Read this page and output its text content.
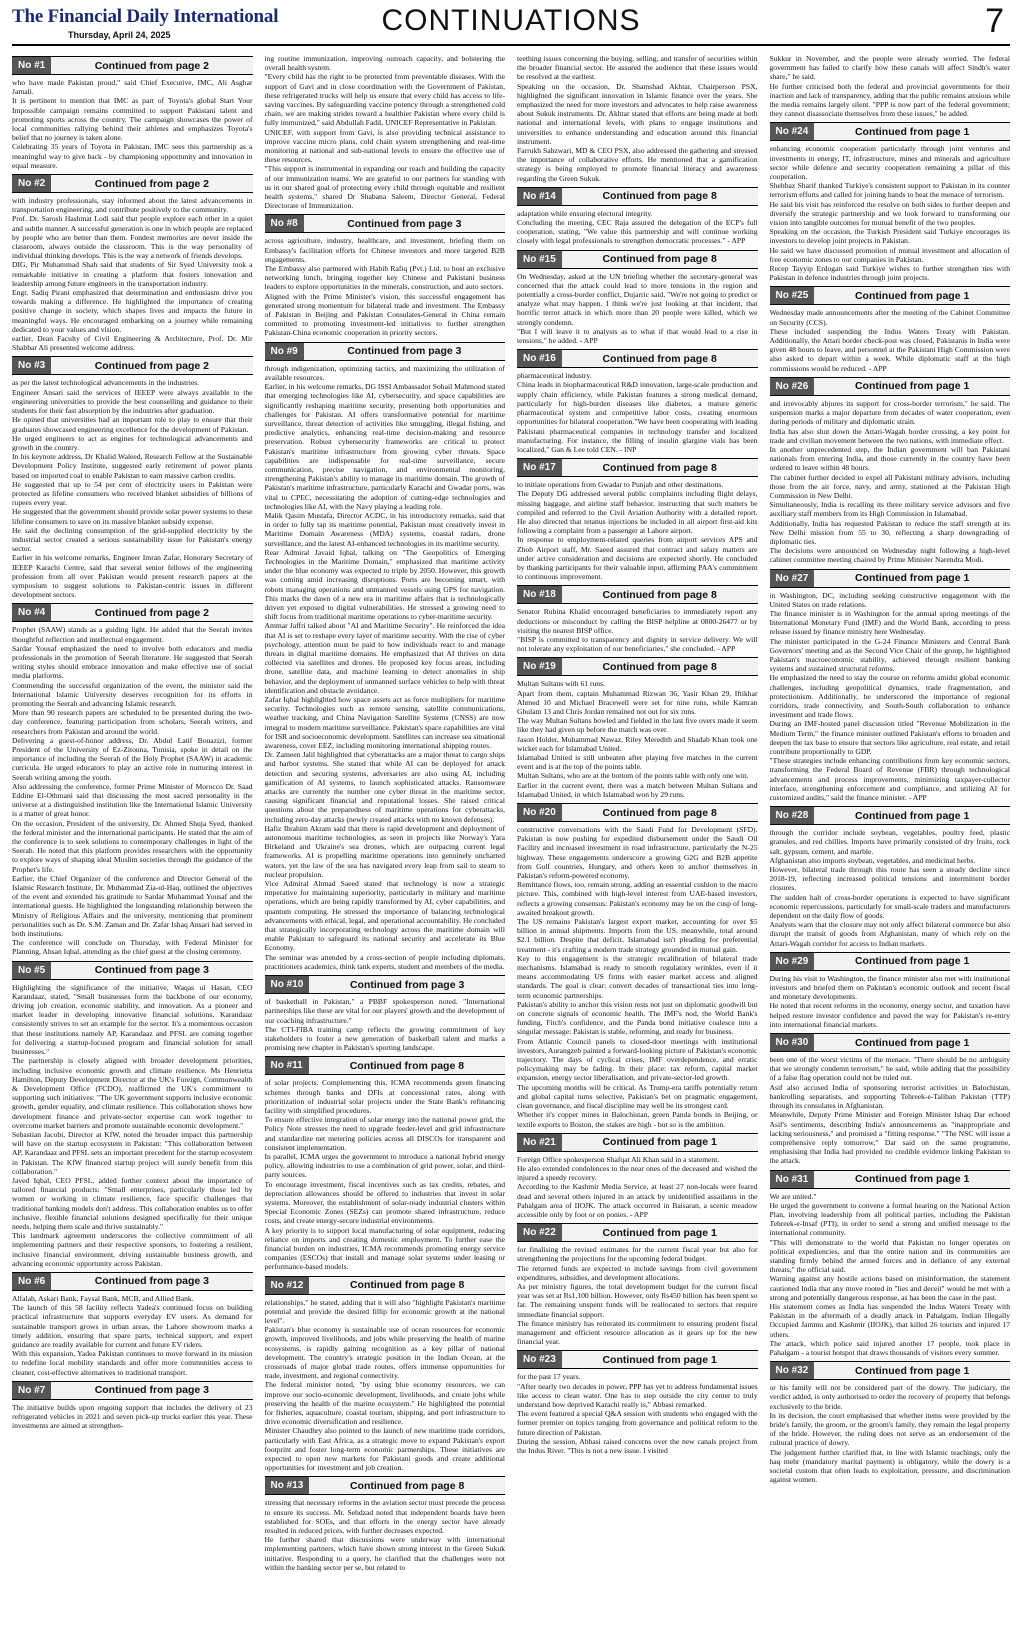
The Financial Daily International
Thursday, April 24, 2025	CONTINUATIONS	7
No #1	Continued from page 2

who have made Pakistan proud," said Chief Executive, IMC, Ali Asghar Jamali.
It is pertinent to mention that IMC as part of Toyota's global Start Your Impossible campaign remains committed to support Pakistani talent and promoting sports across the country. The campaign showcases the power of local communities rallying behind their athletes and emphasizes Toyota's belief that no journey is taken alone.
Celebrating 35 years of Toyota in Pakistan, IMC sees this partnership as a meaningful way to give back - by championing opportunity and innovation in equal measure.

No #2	Continued from page 2

with industry professionals, stay informed about the latest advancements in transportation engineering, and contribute positively to the community.
Prof. Dr. Sarosh Hashmat Lodi said that people explore each other in a quiet and subtle manner. A successful generation is one in which people are replaced by people who are better than them. Fondest memories are never inside the classroom, always outside the classroom. This is the way personality of individual thinking develops. This is the way a network of friends develops.
DIG, Pir Muhammad Shah said that students of Sir Syed University took a remarkable initiative in creating a platform that fosters innovation and leadership among future engineers in the transportation industry.
Engr. Sadiq Pirani emphasized that determination and enthusiasm drive you towards making a difference. He highlighted the importance of creating positive change in society, which shapes lives and impacts the future in meaningful ways. He encouraged embarking on a journey while remaining dedicated to your values and vision.
earlier, Dean Faculty of Civil Engineering & Architecture, Prof. Dr. Mir Shabbar Ali presented welcome address.

No #3	Continued from page 2

as per the latest technological advancements in the industries.
Engineer Ansari said the services of IEEEP were always available to the engineering universities to provide the best counselling and guidance to their students for their fast absorption by the industries after graduation.
He opined that universities had an important role to play to ensure that their graduates showcased engineering excellence for the development of Pakistan.
He urged engineers to act as engines for technological advancements and growth in the country.
In his keynote address, Dr Khalid Waleed, Research Fellow at the Sustainable Development Policy Institute, suggested early retirement of power plants based on imported coal to enable Pakistan to earn massive carbon credits.
He suggested that up to 54 per cent of electricity users in Pakistan were protected as lifeline consumers who received blanket subsidies of billions of rupees every year.
He suggested that the government should provide solar power systems to these lifeline consumers to save on its massive blanket subsidy expense.
He said the declining consumption of the grid-supplied electricity by the industrial sector created a serious sustainability issue for Pakistan's energy sector.
Earlier in his welcome remarks, Engineer Imran Zafar, Honorary Secretary of IEEEP Karachi Centre, said that several senior fellows of the engineering profession from all over Pakistan would present research papers at the symposium to suggest solutions to Pakistan-centric issues in different development sectors.

No #4	Continued from page 2

Prophet (SAAW) stands as a guiding light. He added that the Seerah invites thoughtful reflection and intellectual engagement.
Sardar Yousaf emphasized the need to involve both educators and media professionals in the promotion of Seerah literature. He suggested that Seerah writing styles should embrace innovation and make effective use of social media platforms.
Commending the successful organization of the event, the minister said the International Islamic University deserves recognition for its efforts in promoting the Seerah and advancing Islamic research.
More than 90 research papers are scheduled to be presented during the two-day conference, featuring participation from scholars, Seerah writers, and researchers from Pakistan and around the world.
Delivering a guest-of-honor address, Dr. Abdul Latif Bouazizi, former President of the University of Ez-Zitouna, Tunisia, spoke in detail on the importance of including the Seerah of the Holy Prophet (SAAW) in academic curricula. He urged educators to play an active role in nurturing interest in Seerah writing among the youth.
Also addressing the conference, former Prime Minister of Morocco Dr. Saad Eddine El-Othmani said that discussing the most sacred personality in the universe at a distinguished institution like the International Islamic University is a matter of great honor.
On the occasion, President of the university, Dr. Ahmed Shuja Syed, thanked the federal minister and the international participants. He stated that the aim of the conference is to seek solutions to contemporary challenges in light of the Seerah. He noted that this platform provides researchers with the opportunity to explore ways of shaping ideal Muslim societies through the guidance of the Prophet's life.
Earlier, the Chief Organizer of the conference and Director General of the Islamic Research Institute, Dr. Muhammad Zia-ul-Haq, outlined the objectives of the event and extended his gratitude to Sardar Muhammad Yousaf and the international guests. He highlighted the longstanding relationship between the Ministry of Religious Affairs and the university, mentioning that prominent personalities such as Dr. S.M. Zaman and Dr. Zafar Ishaq Ansari had served in both institutions.
The conference will conclude on Thursday, with Federal Minister for Planning, Ahsan Iqbal, attending as the chief guest at the closing ceremony.

No #5	Continued from page 3

Highlighting the significance of the initiative, Waqas ul Hasan, CEO Karandaaz, stated, "Small businesses form the backbone of our economy, driving job creation, economic stability, and innovation. As a pioneer and market leader in developing innovative financial solutions, Karandaaz consistently strives to set an example for the sector. It's a momentous occasion that these institutions namely AP, Karandaaz and PFSL are coming together for delivering a startup-focused program and financial solution for small businesses."
The partnership is closely aligned with broader development priorities, including inclusive economic growth and climate resilience. Ms Henrietta Hamilton, Deputy Development Director at the UK's Foreign, Commonwealth & Development Office (FCDO), reaffirmed the UK's commitment to supporting such initiatives: "The UK government supports inclusive economic growth, gender equality, and climate resilience. This collaboration shows how development finance and private-sector expertise can work together to overcome market barriers and promote sustainable economic development."
Sebastian Jacobi, Director at KfW, noted the broader impact this partnership will have on the startup ecosystem in Pakistan: "This collaboration between AP, Karandaaz and PFSL sets an important precedent for the startup ecosystem in Pakistan. The KfW financed startup project will surely benefit from this collaboration."
Javed Iqbal, CEO PFSL, added further context about the importance of tailored financial products: "Small enterprises, particularly those led by women or working in climate resilience, face specific challenges that traditional banking models don't address. This collaboration enables us to offer inclusive, flexible financial solutions designed specifically for their unique needs, helping them scale and thrive sustainably."
This landmark agreement underscores the collective commitment of all implementing partners and their respective sponsors, to fostering a resilient, inclusive financial environment, driving sustainable business growth, and advancing economic opportunity across Pakistan.

No #6	Continued from page 3

Alfalah, Askari Bank, Faysal Bank, MCB, and Allied Bank.
The launch of this 58 facility reflects Yadea's continued focus on building practical infrastructure that supports everyday EV users. As demand for sustainable transport grows in urban areas, the Lahore showroom marks a timely addition, ensuring that spare parts, technical support, and expert guidance are readily available for current and future EV riders.
With this expansion, Yadea Pakistan continues to move forward in its mission to redefine local mobility standards and offer more communities access to cleaner, cost-effective alternatives to traditional transport.

No #7	Continued from page 3

The initiative builds upon ongoing support that includes the delivery of 23 refrigerated vehicles in 2021 and seven pick-up trucks earlier this year. These investments are aimed at strengthen-

ing routine immunization, improving outreach capacity, and bolstering the overall health system.
"Every child has the right to be protected from preventable diseases. With the support of Gavi and in close coordination with the Government of Pakistan, these refrigerated trucks will help us ensure that every child has access to life-saving vaccines. By safeguarding vaccine potency through a strengthened cold chain, we are making strides toward a healthier Pakistan where every child is fully immunized," said Abdullah Fadil, UNICEF Representative in Pakistan.
UNICEF, with support from Gavi, is also providing technical assistance to improve vaccine micro plans, cold chain system strengthening and real-time monitoring at national and sub-national levels to ensure the effective use of these resources.
"This support is instrumental in expanding our reach and building the capacity of our immunization teams. We are grateful to our partners for standing with us in our shared goal of protecting every child through equitable and resilient health systems," shared Dr Shabana Saleem, Director General, Federal Directorate of Immunization.

No #8	Continued from page 3

across agriculture, industry, healthcare, and investment, briefing them on Embassy's facilitation efforts for Chinese investors and more targeted B2B engagements.
The Embassy also partnered with Habib Rafiq (Pvt.) Ltd. to host an exclusive networking lunch, bringing together key Chinese and Pakistani business leaders to explore opportunities in the minerals, construction, and auto sectors.
Aligned with the Prime Minister's vision, this successful engagement has generated strong momentum for bilateral trade and investment. The Embassy of Pakistan in Beijing and Pakistan Consulates-General in China remain committed to promoting investment-led initiatives to further strengthen Pakistan-China economic cooperation in priority sectors.

No #9	Continued from page 3

through indigenization, optimizing tactics, and maximizing the utilization of available resources.
Earlier, in his welcome remarks, DG ISSI Ambassador Sohail Mahmood stated that emerging technologies like AI, cybersecurity, and space capabilities are significantly reshaping maritime security, presenting both opportunities and challenges for Pakistan. AI offers transformative potential for maritime surveillance, threat detection of activities like smuggling, illegal fishing, and predictive analytics, enhancing real-time decision-making and resource preservation. Robust cybersecurity frameworks are critical to protect Pakistan's maritime infrastructure from growing cyber threats. Space capabilities are indispensable for real-time surveillance, secure communication, precise navigation, and environmental monitoring, strengthening Pakistan's ability to manage its maritime domain. The growth of Pakistan's maritime infrastructure, particularly Karachi and Gwadar ports, was vital to CPEC, necessitating the adoption of cutting-edge technologies and technologies like AI, with the Navy playing a leading role.
Malik Qasim Mustafa, Director ACDC, in his introductory remarks, said that in order to fully tap its maritime potential, Pakistan must creatively invest in Maritime Domain Awareness (MDA) systems, coastal radars, drone surveillance, and the latest AI-enhanced technologies in its maritime security.
Rear Admiral Javaid Iqbal, talking on "The Geopolitics of Emerging Technologies in the Maritime Domain," emphasized that maritime activity under the blue economy was expected to triple by 2050. However, this growth was coming amid increasing disruptions. Ports are becoming smart, with robots managing operations and unmanned vessels using GPS for navigation. This marks the dawn of a new era in maritime affairs that is technologically driven yet exposed to digital vulnerabilities. He stressed a growing need to shift focus from traditional maritime operations to cyber-maritime security.
Ammar Jaffri talked about "AI and Maritime Security". He reinforced the idea that AI is set to reshape every layer of maritime security. With the rise of cyber psychology, attention must be paid to how individuals react to and manage threats in digital maritime domains. He emphasized that AI thrives on data collected via satellites and drones. He proposed key focus areas, including drone, satellite data, and machine learning to detect anomalies in ship behavior, and the deployment of unmanned surface vehicles to help with threat identification and obstacle avoidance.
Zafar Iqbal highlighted how space assets act as force multipliers for maritime security. Technologies such as remote sensing, satellite communications, weather tracking, and China Navigation Satellite Systems (CNSS) are now integral to modern maritime surveillance. Pakistan's space capabilities are vital for ISR and socioeconomic development. Satellites can increase sea situational awareness, cover EEZ, including monitoring international shipping routes.
Dr. Zameen Jalil highlighted that cyberattacks are a major threat to cargo ships and harbor systems. She stated that while AI can be deployed for attack detection and securing systems, adversaries are also using AI, including gamification of AI systems, to launch sophisticated attacks. Ransomware attacks are currently the number one cyber threat in the maritime sector, causing significant financial and reputational losses. She raised critical questions about the preparedness of maritime operations for cyberattacks, including zero-day attacks (newly created attacks with no known defenses).
Hafiz Ibrahim Akram said that there is rapid development and deployment of autonomous maritime technologies, as seen in projects like Norway's Yara Birkeland and Ukraine's sea drones, which are outpacing current legal frameworks. AI is propelling maritime operations into genuinely uncharted waters, yet the law of the sea has navigated every leap from sail to steam to nuclear propulsion.
Vice Admiral Ahmad Saeed stated that technology is now a strategic imperative for maintaining superiority, particularly in military and maritime operations, which are being rapidly transformed by AI, cyber capabilities, and quantum computing. He stressed the importance of balancing technological advancements with ethical, legal, and operational accountability. He concluded that strategically incorporating technology across the maritime domain will enable Pakistan to safeguard its national security and accelerate its Blue Economy.
The seminar was attended by a cross-section of people including diplomats, practitioners academics, think tank experts, student and members of the media.

No #10	Continued from page 3

of basketball in Pakistan," a PBBF spokesperson noted. "International partnerships like these are vital for our players' growth and the development of our coaching infrastructure."
The CTI-FIBA training camp reflects the growing commitment of key stakeholders to foster a new generation of basketball talent and marks a promising new chapter in Pakistan's sporting landscape.

No #11	Continued from page 8

of solar projects. Complementing this, ICMA recommends green financing schemes through banks and DFIs at concessional rates, along with prioritization of industrial solar projects under the State Bank's refinancing facility with simplified procedures.
To ensure effective integration of solar energy into the national power grid, the Policy Note stresses the need to upgrade feeder-level and grid infrastructure and standardize net metering policies across all DISCOs for transparent and consistent implementation.
In parallel, ICMA urges the government to introduce a national hybrid energy policy, allowing industries to use a combination of grid power, solar, and third-party sources.
To encourage investment, fiscal incentives such as tax credits, rebates, and depreciation allowances should be offered to industries that invest in solar systems. Moreover, the establishment of solar-ready industrial clusters within Special Economic Zones (SEZs) can promote shared infrastructure, reduce costs, and create energy-secure industrial environments.
A key priority is to support local manufacturing of solar equipment, reducing reliance on imports and creating domestic employment. To further ease the financial burden on industries, ICMA recommends promoting energy service companies (ESCOs) that install and manage solar systems under leasing or performance-based models.

No #12	Continued from page 8

relationships," he stated, adding that it will also "highlight Pakistan's maritime potential and provide the desired fillip for economic growth at the national level".
Pakistan's blue economy is sustainable use of ocean resources for economic growth, improved livelihoods, and jobs while preserving the health of marine ecosystems, is rapidly gaining recognition as a key pillar of national development. The country's strategic position in the Indian Ocean, at the crossroads of major global trade routes, offers immense opportunities for trade, investment, and regional connectivity.
The federal minister noted, "by using blue economy resources, we can improve our socio-economic development, livelihoods, and create jobs while preserving the health of the marine ecosystem." He highlighted the potential for fisheries, aquaculture, coastal tourism, shipping, and port infrastructure to drive economic diversification and resilience.
Minister Chaudhry also pointed to the launch of new maritime trade corridors, particularly with East Africa, as a strategic move to expand Pakistan's export footprint and foster long-term economic partnerships. These initiatives are expected to open new markets for Pakistani goods and create additional opportunities for investment and job creation.

No #13	Continued from page 8

stressing that necessary reforms in the aviation sector must precede the process to ensure its success. Mr. Sehdzad noted that independent boards have been established for SOEs, and that efforts in the energy sector have already resulted in reduced prices, with further decreases expected.
He further shared that discussions were underway with international implementing partners, which have shown strong interest in the Green Sukuk initiative. Responding to a query, he clarified that the challenges were not within the banking sector per se, but related to

teething issues concerning the buying, selling, and transfer of securities within the broader financial sector. He assured the audience that these issues would be resolved at the earliest.
Speaking on the occasion, Dr. Shamshad Akhtar, Chairperson PSX, highlighted the significant innovation in Islamic finance over the years. She emphasized the need for more investors and advocates to help raise awareness about Sukuk instruments. Dr. Akhtar stated that efforts are being made at both national and international levels, with plans to engage institutions and universities to enhance understanding and education around this financial instrument.
Farrukh Sabzwari, MD & CEO PSX, also addressed the gathering and stressed the importance of collaborative efforts. He mentioned that a gamification strategy is being employed to promote financial literacy and awareness regarding the Green Sukuk.

No #14	Continued from page 8

adaptation while ensuring electoral integrity.
Concluding the meeting, CEC Raja assured the delegation of the ECP's full cooperation, stating, "We value this partnership and will continue working closely with legal professionals to strengthen democratic processes." - APP

No #15	Continued from page 8

On Wednesday, asked at the UN briefing whether the secretary-general was concerned that the attack could lead to more tensions in the region and potentially a cross-border conflict, Dujarric said, "We're not going to predict or analyze what may happen. I think we're just looking at that incident, that horrific terror attack in which more than 20 people were killed, which we strongly condemn.
"But I will leave it to analysts as to what if that would lead to a rise in tensions," he added. - APP

No #16	Continued from page 8

pharmaceutical industry.
China leads in biopharmaceutical R&D innovation, large-scale production and supply chain efficiency, while Pakistan features a strong medical demand, particularly for high-burden diseases like diabetes, a mature generic pharmaceutical system and competitive labor costs, creating enormous opportunities for bilateral cooperation."We have been cooperating with leading Pakistani pharmaceutical companies in technology transfer and localized manufacturing. For instance, the filling of insulin glargine vials has been localized," Gan & Lee told CEN. - INP

No #17	Continued from page 8

to initiate operations from Gwadar to Punjab and other destinations.
The Deputy DG addressed several public complaints including flight delays, missing baggage, and airline staff behavior, instructing that such matters be compiled and referred to the Civil Aviation Authority with a detailed report. He also directed that tetanus injections be included in all airport first-aid kits following a complaint from a passenger at Lahore airport.
In response to employment-related queries from airport services APS and Zhob Airport staff, Mr. Saeed assured that contract and salary matters are under active consideration and decisions are expected shortly. He concluded by thanking participants for their valuable input, affirming PAA's commitment to continuous improvement.

No #18	Continued from page 8

Senator Rubina Khalid encouraged beneficiaries to immediately report any deductions or misconduct by calling the BISP helpline at 0800-26477 or by visiting the nearest BISP office.
"BISP is committed to transparency and dignity in service delivery. We will not tolerate any exploitation of our beneficiaries," she concluded. - APP

No #19	Continued from page 8

Multan Sultans with 61 runs.
Apart from them, captain Muhammad Rizwan 36, Yasir Khan 29, Iftikhar Ahmed 10 and Michael Bracewell were set for nine runs, while Kamran Ghulam 13 and Chris Jordan remained not out for six runs.
The way Multan Sultans bowled and fielded in the last five overs made it seem like they had given up before the match was over.
Jason Holder, Muhammad Nawaz, Riley Meredith and Shadab Khan took one wicket each for Islamabad United.
Islamabad United is still unbeaten after playing five matches in the current event and is at the top of the points table.
Multan Sultans, who are at the bottom of the points table with only one win.
Earlier in the current event, there was a match between Multan Sultans and Islamabad United, in which Islamabad won by 29 runs.

No #20	Continued from page 8

constructive conversations with the Saudi Fund for Development (SFD). Pakistan is now pushing for expedited disbursement under the Saudi Oil Facility and increased investment in road infrastructure, particularly the N-25 highway. These engagements underscore a growing G2G and B2B appetite from Gulf countries, Hungary, and others keen to anchor themselves in Pakistan's reform-powered economy.
Remittance flows, too, remain strong, adding an essential cushion to the macro picture. This, combined with high-level interest from UAE-based investors, reflects a growing consensus: Pakistan's economy may be on the cusp of long-awaited breakout growth.
The US remains Pakistan's largest export market, accounting for over $5 billion in annual shipments. Imports from the US, meanwhile, total around $2.1 billion. Despite that deficit, Islamabad isn't pleading for preferential treatment - it's crafting a modern trade strategy grounded in mutual gain.
Key to this engagement is the strategic recalibration of bilateral trade mechanisms. Islamabad is ready to smooth regulatory wrinkles, even if it means accommodating US firms with easier market access and aligned standards. The goal is clear: convert decades of transactional ties into long-term economic partnerships.
Pakistan's ability to anchor this vision rests not just on diplomatic goodwill but on concrete signals of economic health. The IMF's nod, the World Bank's funding, Fitch's confidence, and the Panda bond initiative coalesce into a singular message: Pakistan is stable, reforming, and ready for business.
From Atlantic Council panels to closed-door meetings with institutional investors, Aurangzeb painted a forward-looking picture of Pakistan's economic trajectory. The days of cyclical crises, IMF overdependence, and erratic policymaking may be fading. In their place: tax reform, capital market expansion, energy sector liberalisation, and private-sector-led growth.
The upcoming months will be critical. As Trump-era tariffs potentially return and global capital turns selective, Pakistan's bet on pragmatic engagement, clean governance, and fiscal discipline may well be its strongest card.
Whether it's copper mines in Balochistan, green Panda bonds in Beijing, or textile exports to Boston, the stakes are high - but so is the ambition.

No #21	Continued from page 1

Foreign Office spokesperson Shafqat Ali Khan said in a statement.
He also extended condolences to the near ones of the deceased and wished the injured a speedy recovery.
According to the Kashmir Media Service, at least 27 non-locals were feared dead and several others injured in an attack by unidentified assailants in the Pahalgam area of IIOJK. The attack occurred in Baisaran, a scenic meadow accessible only by foot or on ponies. - APP

No #22	Continued from page 1

for finalising the revised estimates for the current fiscal year but also for strengthening the projections for the upcoming federal budget.
The returned funds are expected to include savings from civil government expenditures, subsidies, and development allocations.
As per ministry figures, the total development budget for the current fiscal year was set at Rs1,100 billion. However, only Rs450 billion has been spent so far. The remaining unspent funds will be reallocated to sectors that require immediate financial support.
The finance ministry has reiterated its commitment to ensuring prudent fiscal management and efficient resource allocation as it gears up for the new financial year.

No #23	Continued from page 1

for the past 17 years.
"After nearly two decades in power, PPP has yet to address fundamental issues like access to clean water. One has to step outside the city center to truly understand how deprived Karachi really is," Abbasi remarked.
The event featured a special Q&A session with students who engaged with the former premier on topics ranging from governance and political reform to the future direction of Pakistan.
During the session, Abbasi raised concerns over the new canals project from the Indus River. "This is not a new issue. I visited

Sukkur in November, and the people were already worried. The federal government has failed to clarify how these canals will affect Sindh's water share," he said.
He further criticised both the federal and provincial governments for their inaction and lack of transparency, adding that the public remains anxious while the media remains largely silent. "PPP is now part of the federal government; they cannot disassociate themselves from these issues," he added.

No #24	Continued from page 1

enhancing economic cooperation particularly through joint ventures and investments in energy, IT, infrastructure, mines and minerals and agriculture sector while defence and security cooperation remaining a pillar of this cooperation.
Shehbaz Sharif thanked Turkiye's consistent support to Pakistan in its counter terrorism efforts and called for joining hands to beat the menace of terrorism.
He said his visit has reinforced the resolve on both sides to further deepen and diversify the strategic partnership and we look forward to transforming our vision into tangible outcomes for mutual benefit of the two peoples.
Speaking on the occasion, the Turkish President said Turkiye encourages its investors to develop joint projects in Pakistan.
He said we have discussed promotion of mutual investment and allocation of free economic zones to our companies in Pakistan.
Recep Tayyip Erdogan said Turkiye wishes to further strengthen ties with Pakistan in defence industries through joint projects.

No #25	Continued from page 1

Wednesday made announcements after the meeting of the Cabinet Committee on Security (CCS).
These included suspending the Indus Waters Treaty with Pakistan. Additionally, the Attari border check-post was closed, Pakistanis in India were given 48 hours to leave, and personnel at the Pakistani High Commission were also asked to depart within a week. While diplomatic staff at the high commissions would be reduced. - APP

No #26	Continued from page 1

and irrevocably abjures its support for cross-border terrorism," he said. The suspension marks a major departure from decades of water cooperation, even during periods of military and diplomatic strain.
India has also shut down the Attari-Wagah border crossing, a key point for trade and civilian movement between the two nations, with immediate effect.
In another unprecedented step, the Indian government will ban Pakistani nationals from entering India, and those currently in the country have been ordered to leave within 48 hours.
The cabinet further decided to expel all Pakistani military advisors, including those from the air force, navy, and army, stationed at the Pakistan High Commission in New Delhi.
Simultaneously, India is recalling its three military service advisors and five auxiliary staff members from its High Commission in Islamabad.
Additionally, India has requested Pakistan to reduce the staff strength at its New Delhi mission from 55 to 30, reflecting a sharp downgrading of diplomatic ties.
The decisions were announced on Wednesday night following a high-level cabinet committee meeting chaired by Prime Minister Narendra Modi.

No #27	Continued from page 1

in Washington, DC, including seeking constructive engagement with the United States on trade relations.
The finance minister is in Washington for the annual spring meetings of the International Monetary Fund (IMF) and the World Bank, according to press release issued by finance ministry here Wednesday.
The minister participated in the G-24 Finance Ministers and Central Bank Governors' meeting and as the Second Vice Chair of the group, he highlighted Pakistan's macroeconomic stability, achieved through resilient banking systems and sustained structural reforms.
He emphasized the need to stay the course on reforms amidst global economic challenges, including geopolitical dynamics, trade fragmentation, and protectionism. Additionally, he underscored the importance of regional corridors, trade connectivity, and South-South collaboration to enhance investment and trade flows.
During an IMF-hosted panel discussion titled "Revenue Mobilization in the Medium Term," the finance minister outlined Pakistan's efforts to broaden and deepen the tax base to ensure that sectors like agriculture, real estate, and retail contribute proportionally to GDP.
"These strategies include enhancing contributions from key economic sectors, transforming the Federal Board of Revenue (FBR) through technological advancements and process improvements, minimizing taxpayer-collector interface, strengthening enforcement and compliance, and utilizing AI for customized audits," said the finance minister. - APP

No #28	Continued from page 1

through the corridor include soybean, vegetables, poultry feed, plastic granules, and red chillies. Imports have primarily consisted of dry fruits, rock salt, gypsum, cement, and marble.
Afghanistan also imports soybean, vegetables, and medicinal herbs.
However, bilateral trade through this route has seen a steady decline since 2018-19, reflecting increased political tensions and intermittent border closures.
The sudden halt of cross-border operations is expected to have significant economic repercussions, particularly for small-scale traders and manufacturers dependent on the daily flow of goods.
Analysts warn that the closure may not only affect bilateral commerce but also disrupt the transit of goods from Afghanistan, many of which rely on the Attari-Wagah corridor for access to Indian markets.

No #29	Continued from page 1

During his visit to Washington, the finance minister also met with institutional investors and briefed them on Pakistan's economic outlook and recent fiscal and monetary developments.
He noted that recent reforms in the economy, energy sector, and taxation have helped restore investor confidence and paved the way for Pakistan's re-entry into international financial markets.

No #30	Continued from page 1

been one of the worst victims of the menace. "There should be no ambiguity that we strongly condemn terrorism," he said, while adding that the possibility of a false flag operation could not be ruled out.
Asif also accused India of sponsoring terrorist activities in Balochistan, bankrolling separatists, and supporting Tehreek-e-Taliban Pakistan (TTP) through its consulates in Afghanistan.
Meanwhile, Deputy Prime Minister and Foreign Minister Ishaq Dar echoed Asif's sentiments, describing India's announcements as "inappropriate and lacking seriousness," and promised a "fitting response." "The NSC will issue a comprehensive reply tomorrow," Dar said on the same programme, emphasising that India had provided no credible evidence linking Pakistan to the attack.

No #31	Continued from page 1

We are united."
He urged the government to convene a formal hearing on the National Action Plan, involving leadership from all political parties, including the Pakistan Tehreek-e-Insaf (PTI), in order to send a strong and unified message to the international community.
"This will demonstrate to the world that Pakistan no longer operates on political expediencies, and that the entire nation and its communities are standing firmly behind the armed forces and in defiance of any external threats," the official said.
Warning against any hostile actions based on misinformation, the statement cautioned India that any move rooted in "lies and deceit" would be met with a strong and potentially dangerous response, as has been the case in the past.
His statement comes as India has suspended the Indus Waters Treaty with Pakistan in the aftermath of a deadly attack in Pahalgam, Indian Illegally Occupied Jammu and Kashmir (IIOJK), that killed 26 tourists and injured 17 others.
The attack, which police said injured another 17 people, took place in Pahalgam - a tourist hotspot that draws thousands of visitors every summer.

No #32	Continued from page 1

or his family will not be considered part of the dowry. The judiciary, the verdict added, is only authorised to order the recovery of property that belongs exclusively to the bride.
In its decision, the court emphasised that whether items were provided by the bride's family, the groom, or the groom's family, they remain the legal property of the bride. However, the ruling does not serve as an endorsement of the cultural practice of dowry.
The judgement further clarified that, in line with Islamic teachings, only the haq mehr (mandatory marital payment) is obligatory, while the dowry is a societal custom that often leads to exploitation, pressure, and discrimination against women.
